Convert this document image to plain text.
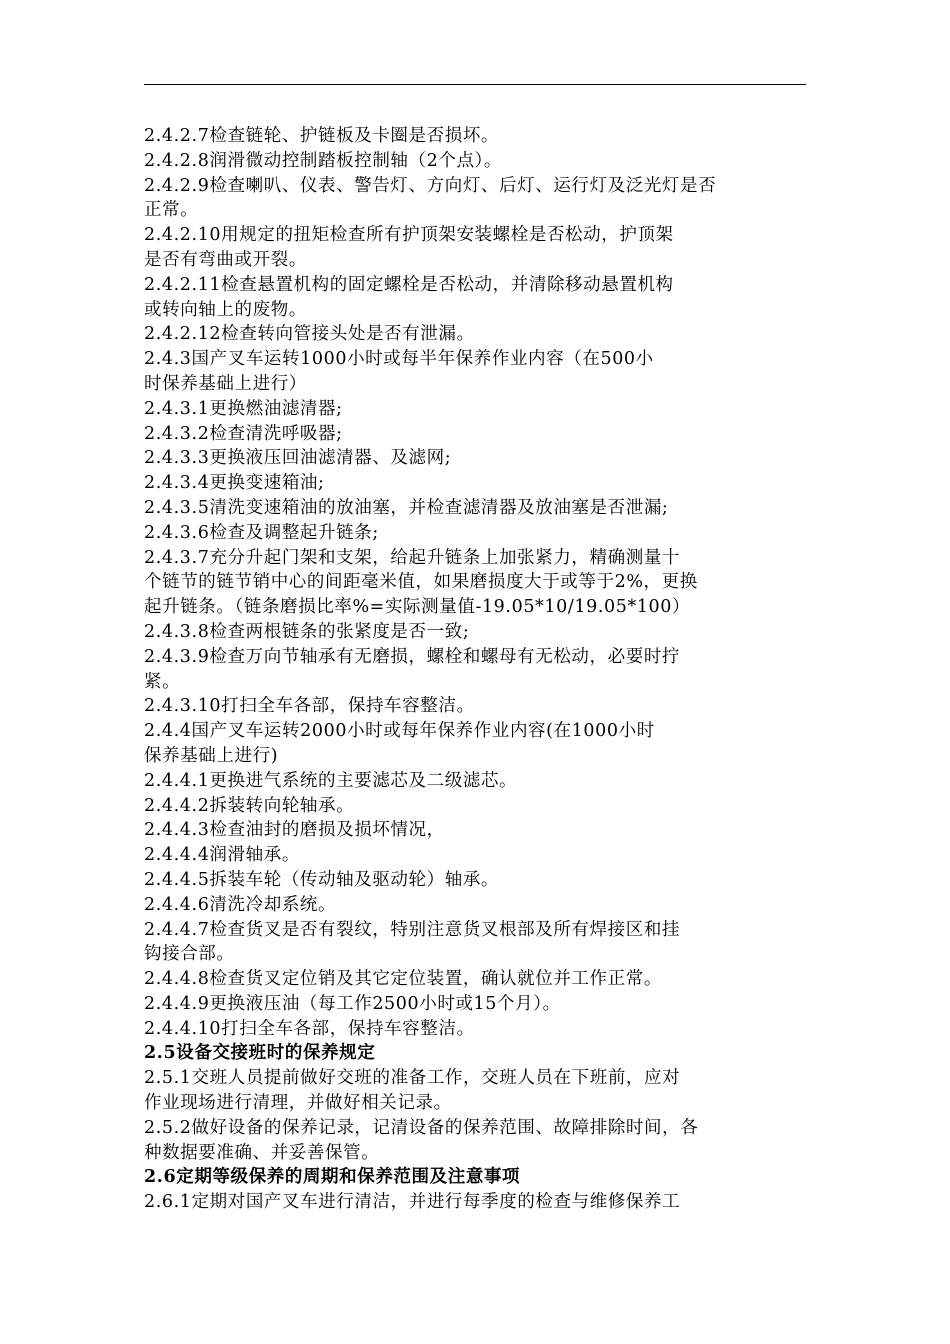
2.4.2.7检查链轮、护链板及卡圈是否损坏。
2.4.2.8润滑微动控制踏板控制轴（2个点）。
2.4.2.9检查喇叭、仪表、警告灯、方向灯、后灯、运行灯及泛光灯是否
正常。
2.4.2.10用规定的扭矩检查所有护顶架安装螺栓是否松动，护顶架
是否有弯曲或开裂。
2.4.2.11检查悬置机构的固定螺栓是否松动，并清除移动悬置机构
或转向轴上的废物。
2.4.2.12检查转向管接头处是否有泄漏。
2.4.3国产叉车运转1000小时或每半年保养作业内容（在500小
时保养基础上进行）
2.4.3.1更换燃油滤清器;
2.4.3.2检查清洗呼吸器;
2.4.3.3更换液压回油滤清器、及滤网;
2.4.3.4更换变速箱油;
2.4.3.5清洗变速箱油的放油塞，并检查滤清器及放油塞是否泄漏;
2.4.3.6检查及调整起升链条;
2.4.3.7充分升起门架和支架，给起升链条上加张紧力，精确测量十
个链节的链节销中心的间距毫米值，如果磨损度大于或等于2%，更换
起升链条。（链条磨损比率%=实际测量值-19.05*10/19.05*100）
2.4.3.8检查两根链条的张紧度是否一致;
2.4.3.9检查万向节轴承有无磨损，螺栓和螺母有无松动，必要时拧
紧。
2.4.3.10打扫全车各部，保持车容整洁。
2.4.4国产叉车运转2000小时或每年保养作业内容(在1000小时
保养基础上进行)
2.4.4.1更换进气系统的主要滤芯及二级滤芯。
2.4.4.2拆装转向轮轴承。
2.4.4.3检查油封的磨损及损坏情况，
2.4.4.4润滑轴承。
2.4.4.5拆装车轮（传动轴及驱动轮）轴承。
2.4.4.6清洗冷却系统。
2.4.4.7检查货叉是否有裂纹，特别注意货叉根部及所有焊接区和挂
钩接合部。
2.4.4.8检查货叉定位销及其它定位装置，确认就位并工作正常。
2.4.4.9更换液压油（每工作2500小时或15个月）。
2.4.4.10打扫全车各部，保持车容整洁。
2.5设备交接班时的保养规定
2.5.1交班人员提前做好交班的准备工作，交班人员在下班前，应对
作业现场进行清理，并做好相关记录。
2.5.2做好设备的保养记录，记清设备的保养范围、故障排除时间，各
种数据要准确、并妥善保管。
2.6定期等级保养的周期和保养范围及注意事项
2.6.1定期对国产叉车进行清洁，并进行每季度的检查与维修保养工
